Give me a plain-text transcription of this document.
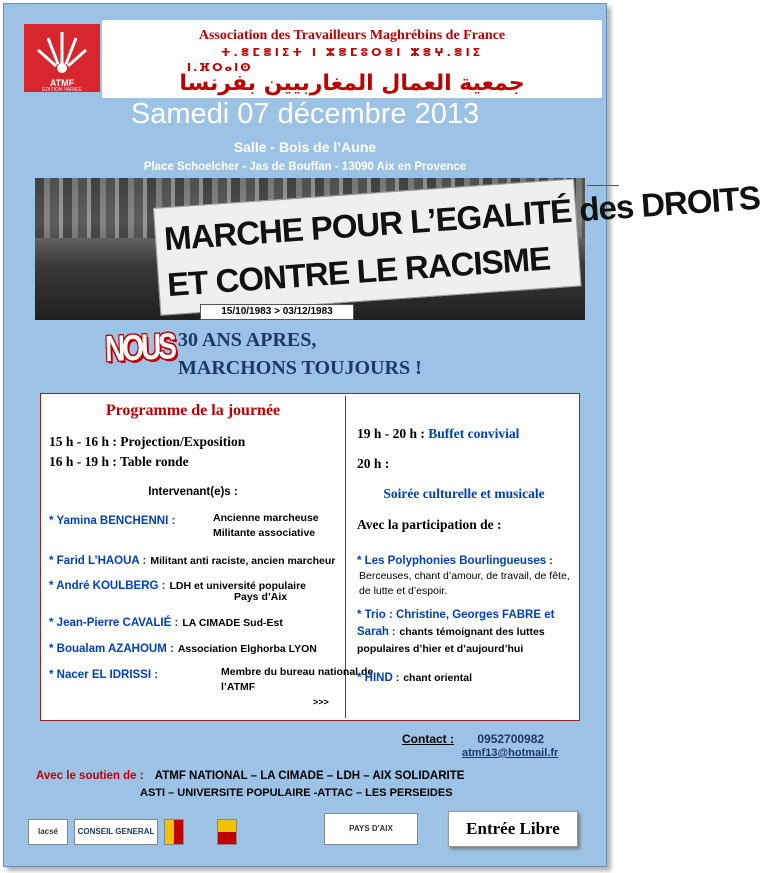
ATMF
EDITION VARIEE
Association des Travailleurs Maghrébins de France
ⵜ.ⴻⵎⴻⵏⵉⵜ ⵏ ⵣⴻⵎⵓⵔⴻⵏ ⵣⴻⵖ.ⴻⵏⵉ
ⵏ.ⴼⵔⴰⵏⵙ
جمعية العمال المغاربيين بفرنسا
Samedi 07 décembre 2013
Salle - Bois de l’Aune
Place Schoelcher - Jas de Bouffan - 13090 Aix en Provence
MARCHE POUR L’EGALITÉ des DROITS
ET CONTRE LE RACISME
15/10/1983 > 03/12/1983
NOUS 30 ANS APRES,
MARCHONS TOUJOURS !
Programme de la journée
15 h - 16 h : Projection/Exposition
16 h - 19 h : Table ronde
Intervenant(e)s :
* Yamina BENCHENNI :	Ancienne marcheuse
Militante associative
* Farid L’HAOUA : Militant anti raciste, ancien marcheur
* André KOULBERG : LDH et université populaire
Pays d’Aix
* Jean-Pierre CAVALIÉ : LA CIMADE Sud-Est
* Boualam AZAHOUM : Association Elghorba LYON
* Nacer EL IDRISSI :	Membre du bureau national de
l’ATMF
>>>
19 h - 20 h : Buffet convivial
20 h :
Soirée culturelle et musicale
Avec la participation de :
* Les Polyphonies Bourlingueuses :
Berceuses, chant d’amour, de travail, de fête, de lutte et d’espoir.
* Trio : Christine, Georges FABRE et Sarah : chants témoignant des luttes populaires d’hier et d’aujourd’hui
* HIND : chant oriental
Contact : 0952700982
atmf13@hotmail.fr
Avec le soutien de : ATMF NATIONAL – LA CIMADE – LDH – AIX SOLIDARITE
ASTI – UNIVERSITE POPULAIRE -ATTAC – LES PERSEIDES
lacsé	CONSEIL GENERAL	PAYS D'AIX	Entrée Libre
